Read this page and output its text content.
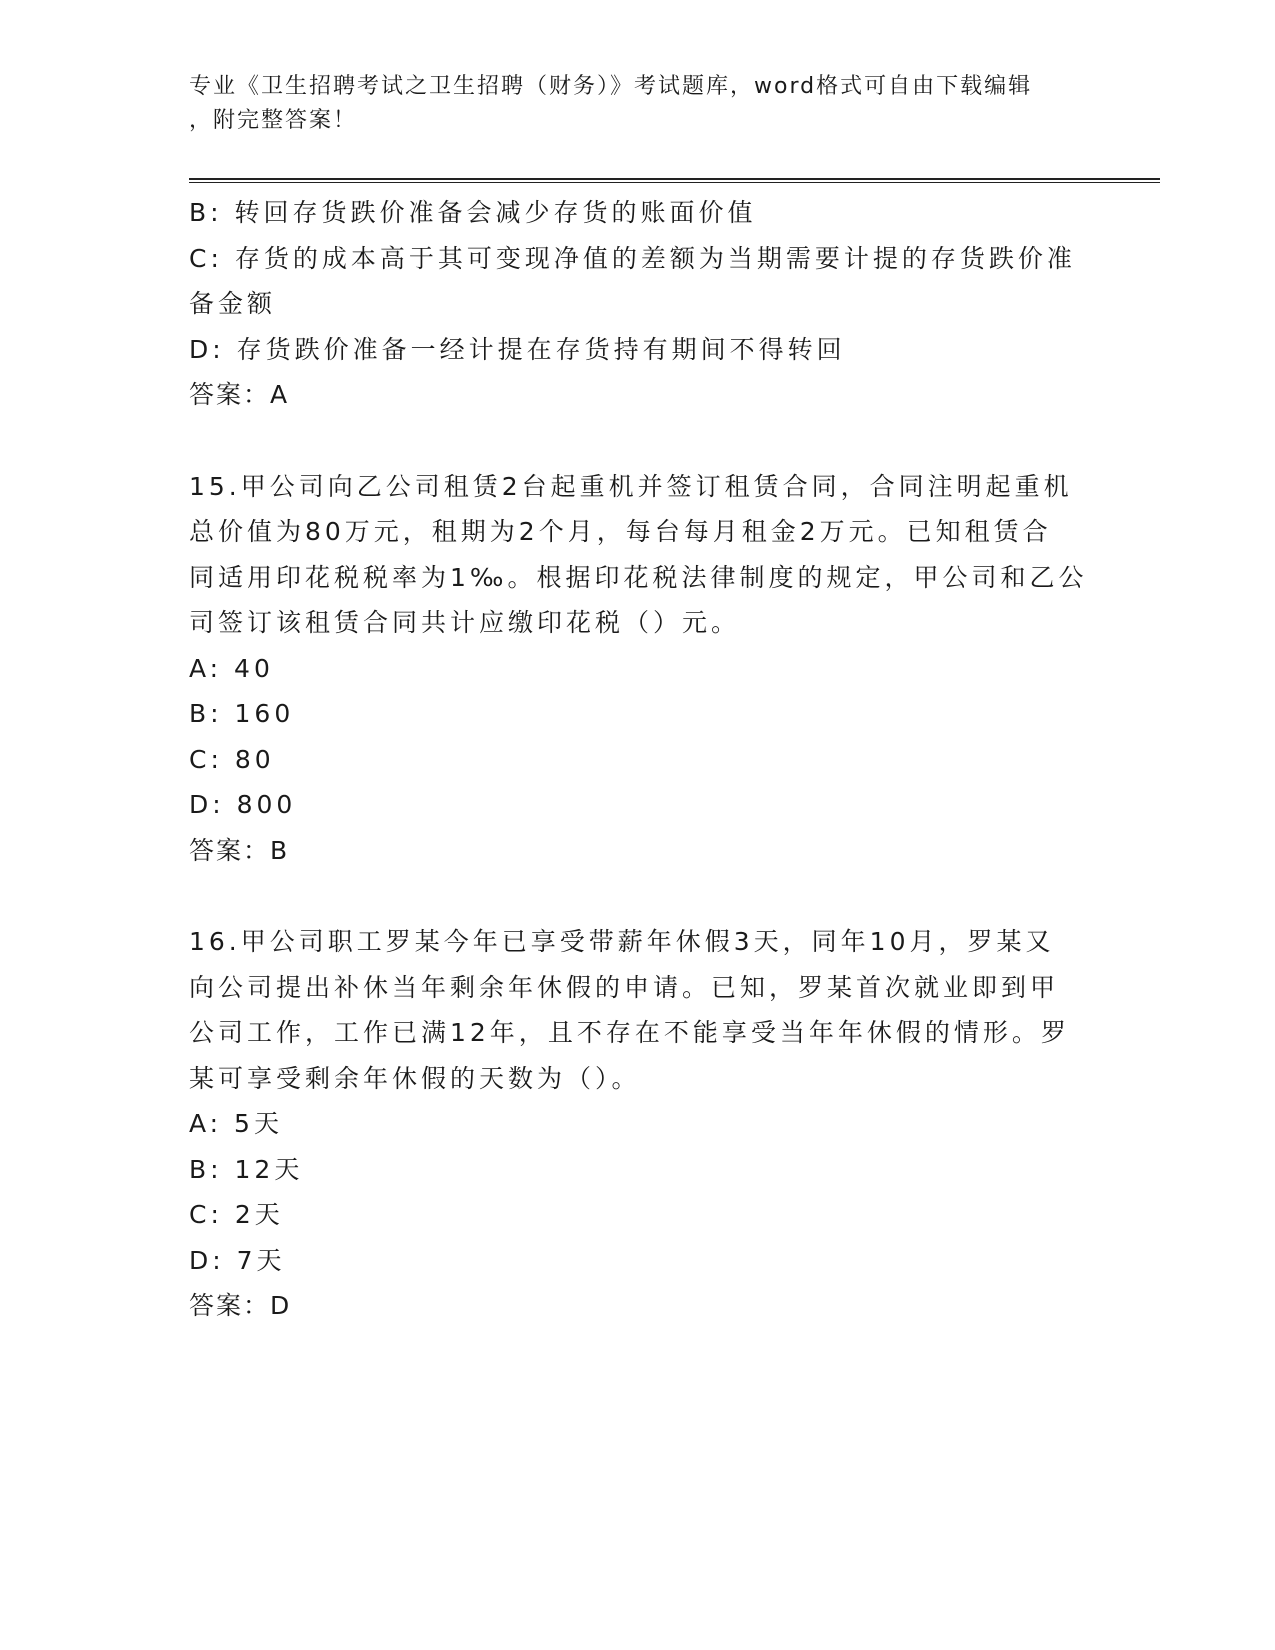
专业《卫生招聘考试之卫生招聘（财务）》考试题库，word格式可自由下载编辑
，附完整答案！
B: 转回存货跌价准备会减少存货的账面价值
C: 存货的成本高于其可变现净值的差额为当期需要计提的存货跌价准
备金额
D: 存货跌价准备一经计提在存货持有期间不得转回
答案：A
15.甲公司向乙公司租赁2台起重机并签订租赁合同，合同注明起重机
总价值为80万元，租期为2个月，每台每月租金2万元。已知租赁合
同适用印花税税率为1‰。根据印花税法律制度的规定，甲公司和乙公
司签订该租赁合同共计应缴印花税（）元。
A: 40
B: 160
C: 80
D: 800
答案：B
16.甲公司职工罗某今年已享受带薪年休假3天，同年10月，罗某又
向公司提出补休当年剩余年休假的申请。已知，罗某首次就业即到甲
公司工作，工作已满12年，且不存在不能享受当年年休假的情形。罗
某可享受剩余年休假的天数为（）。
A: 5天
B: 12天
C: 2天
D: 7天
答案：D
